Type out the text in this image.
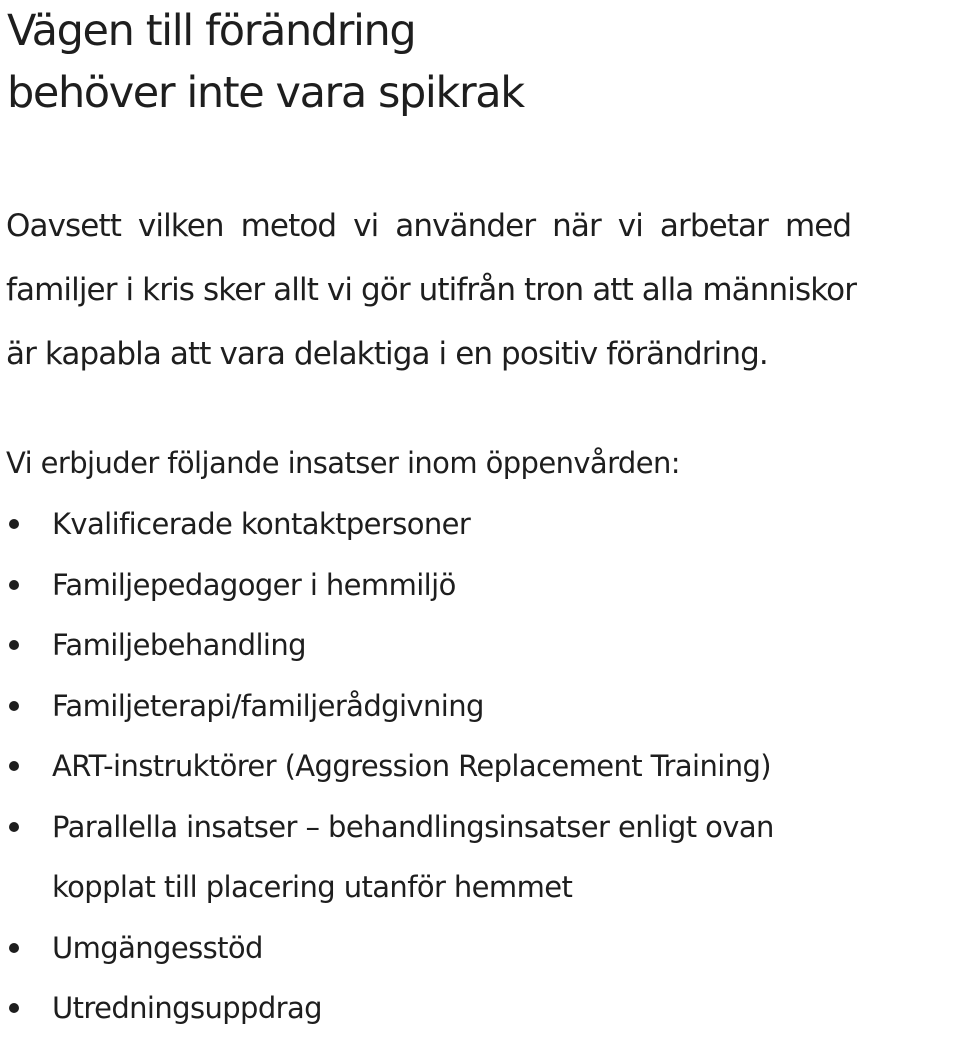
Vägen till förändring
behöver inte vara spikrak
Oavsett vilken metod vi använder när vi arbetar med
familjer i kris sker allt vi gör utifrån tron att alla människor
är kapabla att vara delaktiga i en positiv förändring.

Vi erbjuder följande insatser inom öppenvården:

Kvalificerade kontaktpersoner
Familjepedagoger i hemmiljö
Familjebehandling
Familjeterapi/familjerådgivning
ART-instruktörer (Aggression Replacement Training)
Parallella insatser – behandlingsinsatser enligt ovan
kopplat till placering utanför hemmet
Umgängesstöd
Utredningsuppdrag
